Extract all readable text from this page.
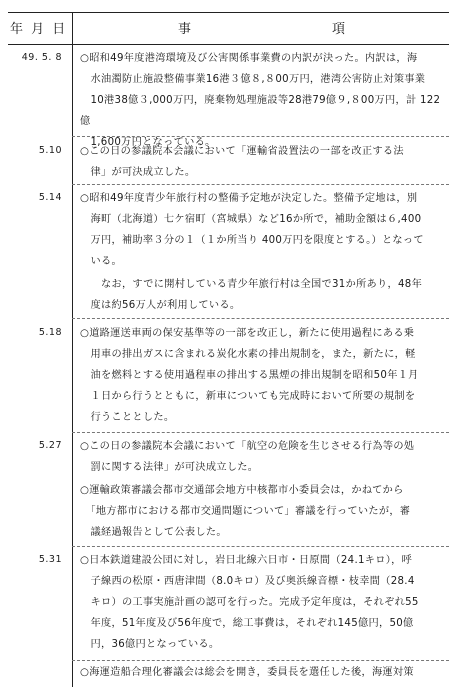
年 月 日	事	項
49. 5. 8 ○昭和49年度港湾環境及び公害関係事業費の内訳が決った。内訳は，海
　水油濁防止施設整備事業16港３億８,８00万円，港湾公害防止対策事業
　10港38億３,000万円，廃棄物処理施設等28港79億９,８00万円，計 122億
　1,600万円となっている。
5.10 ○この日の参議院本会議において「運輸省設置法の一部を改正する法
　律」が可決成立した。
5.14 ○昭和49年度青少年旅行村の整備予定地が決定した。整備予定地は，別
　海町（北海道）七ケ宿町（宮城県）など16か所で，補助金額は６,400
　万円，補助率３分の１（１か所当り 400万円を限度とする。）となって
　いる。
　　なお，すでに開村している青少年旅行村は全国で31か所あり，48年
　度は約56万人が利用している。
5.18 ○道路運送車両の保安基準等の一部を改正し，新たに使用過程にある乗
　用車の排出ガスに含まれる炭化水素の排出規制を，また，新たに，軽
　油を燃料とする使用過程車の排出する黒煙の排出規制を昭和50年１月
　１日から行うとともに，新車についても完成時において所要の規制を
　行うこととした。
5.27 ○この日の参議院本会議において「航空の危険を生じさせる行為等の処
　罰に関する法律」が可決成立した。
○運輸政策審議会都市交通部会地方中核都市小委員会は，かねてから
　「地方都市における都市交通問題について」審議を行っていたが，審
　議経過報告として公表した。
5.31 ○日本鉄道建設公団に対し，岩日北線六日市・日原間（24.1キロ），呼
　子線西の松原・西唐津間（8.0キロ）及び奥浜線音標・枝幸間（28.4
　キロ）の工事実施計画の認可を行った。完成予定年度は，それぞれ55
　年度，51年度及び56年度で，総工事費は，それぞれ145億円，50億
　円，36億円となっている。
○海運造船合理化審議会は総会を開き，委員長を選任した後，海運対策
